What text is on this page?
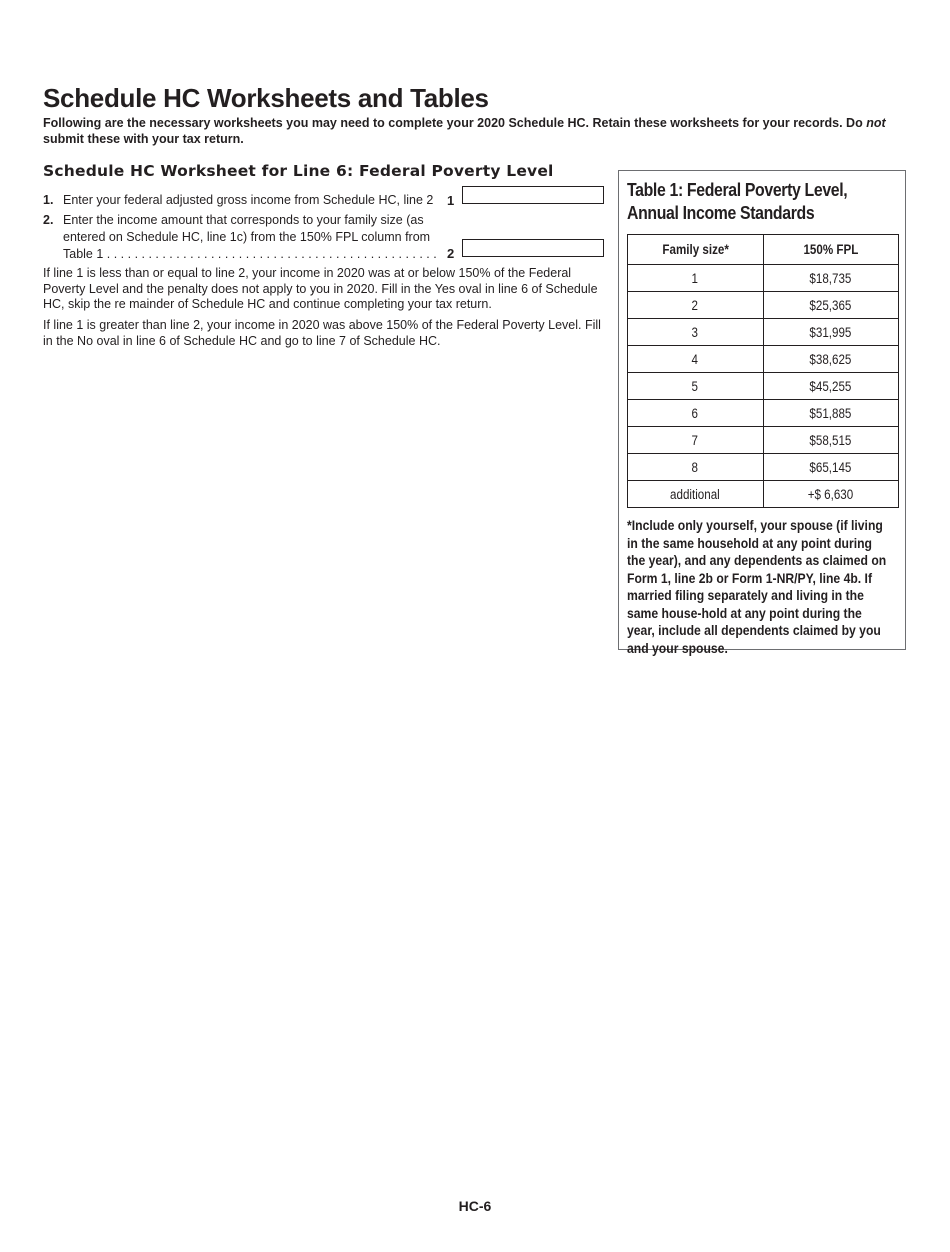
Schedule HC Worksheets and Tables
Following are the necessary worksheets you may need to complete your 2020 Schedule HC. Retain these worksheets for your records. Do not submit these with your tax return.
Schedule HC Worksheet for Line 6: Federal Poverty Level
1. Enter your federal adjusted gross income from Schedule HC, line 2	1
2. Enter the income amount that corresponds to your family size (as entered on Schedule HC, line 1c) from the 150% FPL column from Table 1 . . . . . . . . . . . . . . . . . . . . . . . . . . . . . . . . . . . . . . . . . . . . . . . . 2

If line 1 is less than or equal to line 2, your income in 2020 was at or below 150% of the Federal Poverty Level and the penalty does not apply to you in 2020. Fill in the Yes oval in line 6 of Schedule HC, skip the re mainder of Schedule HC and continue completing your tax return.

If line 1 is greater than line 2, your income in 2020 was above 150% of the Federal Poverty Level. Fill in the No oval in line 6 of Schedule HC and go to line 7 of Schedule HC.

Table 1: Federal Poverty Level, Annual Income Standards
Family size*	150% FPL
1	$18,735
2	$25,365
3	$31,995
4	$38,625
5	$45,255
6	$51,885
7	$58,515
8	$65,145
additional	+$ 6,630
*Include only yourself, your spouse (if living in the same household at any point during the year), and any dependents as claimed on Form 1, line 2b or Form 1-NR/PY, line 4b. If married filing separately and living in the same house-hold at any point during the year, include all dependents claimed by you and your spouse.
HC-6
